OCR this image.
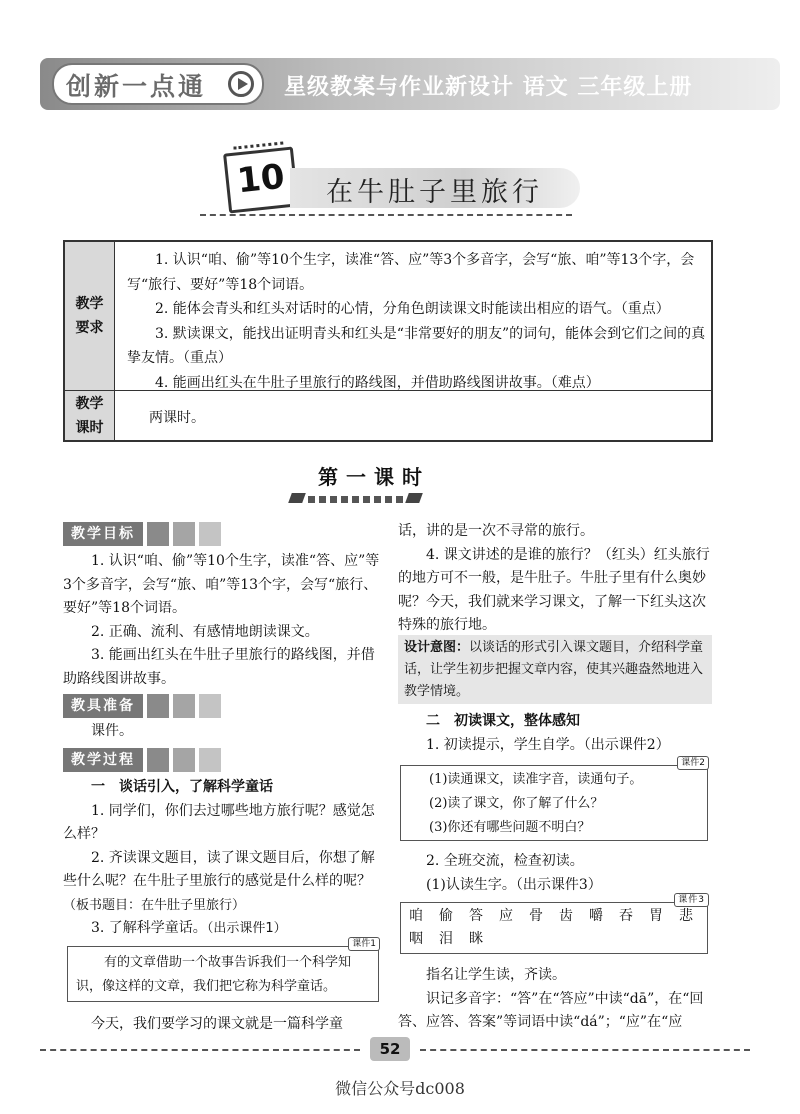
创新一点通	星级教案与作业新设计 语文 三年级上册
10	在牛肚子里旅行
教学要求
教学课时

1. 认识“咱、偷”等10个生字，读准“答、应”等3个多音字，会写“旅、咱”等13个字，会写“旅行、要好”等18个词语。

2. 能体会青头和红头对话时的心情，分角色朗读课文时能读出相应的语气。（重点）

3. 默读课文，能找出证明青头和红头是“非常要好的朋友”的词句，能体会到它们之间的真挚友情。（重点）

4. 能画出红头在牛肚子里旅行的路线图，并借助路线图讲故事。（难点）

两课时。
第一课时
教学目标

1. 认识“咱、偷”等10个生字，读准“答、应”等3个多音字，会写“旅、咱”等13个字，会写“旅行、要好”等18个词语。

2. 正确、流利、有感情地朗读课文。

3. 能画出红头在牛肚子里旅行的路线图，并借助路线图讲故事。

教具准备

课件。

教学过程

一　谈话引入，了解科学童话

1. 同学们，你们去过哪些地方旅行呢？感觉怎么样？

2. 齐读课文题目，读了课文题目后，你想了解些什么呢？在牛肚子里旅行的感觉是什么样的呢？（板书题目：在牛肚子里旅行）

3. 了解科学童话。（出示课件1）

课件1

有的文章借助一个故事告诉我们一个科学知识，像这样的文章，我们把它称为科学童话。

今天，我们要学习的课文就是一篇科学童

话，讲的是一次不寻常的旅行。

4. 课文讲述的是谁的旅行？（红头）红头旅行的地方可不一般，是牛肚子。牛肚子里有什么奥妙呢？今天，我们就来学习课文，了解一下红头这次特殊的旅行地。

设计意图：以谈话的形式引入课文题目，介绍科学童话，让学生初步把握文章内容，使其兴趣盎然地进入教学情境。

二　初读课文，整体感知

1. 初读提示，学生自学。（出示课件2）

课件2

(1)读通课文，读准字音，读通句子。

(2)读了课文，你了解了什么？

(3)你还有哪些问题不明白？

2. 全班交流，检查初读。

(1)认读生字。（出示课件3）

课件3

咱　偷　答　应　骨　齿　嚼　吞　胃　悲　咽　泪　眯

指名让学生读，齐读。

识记多音字：“答”在“答应”中读“dā”，在“回答、应答、答案”等词语中读“dá”；“应”在“应

52
微信公众号dc008
